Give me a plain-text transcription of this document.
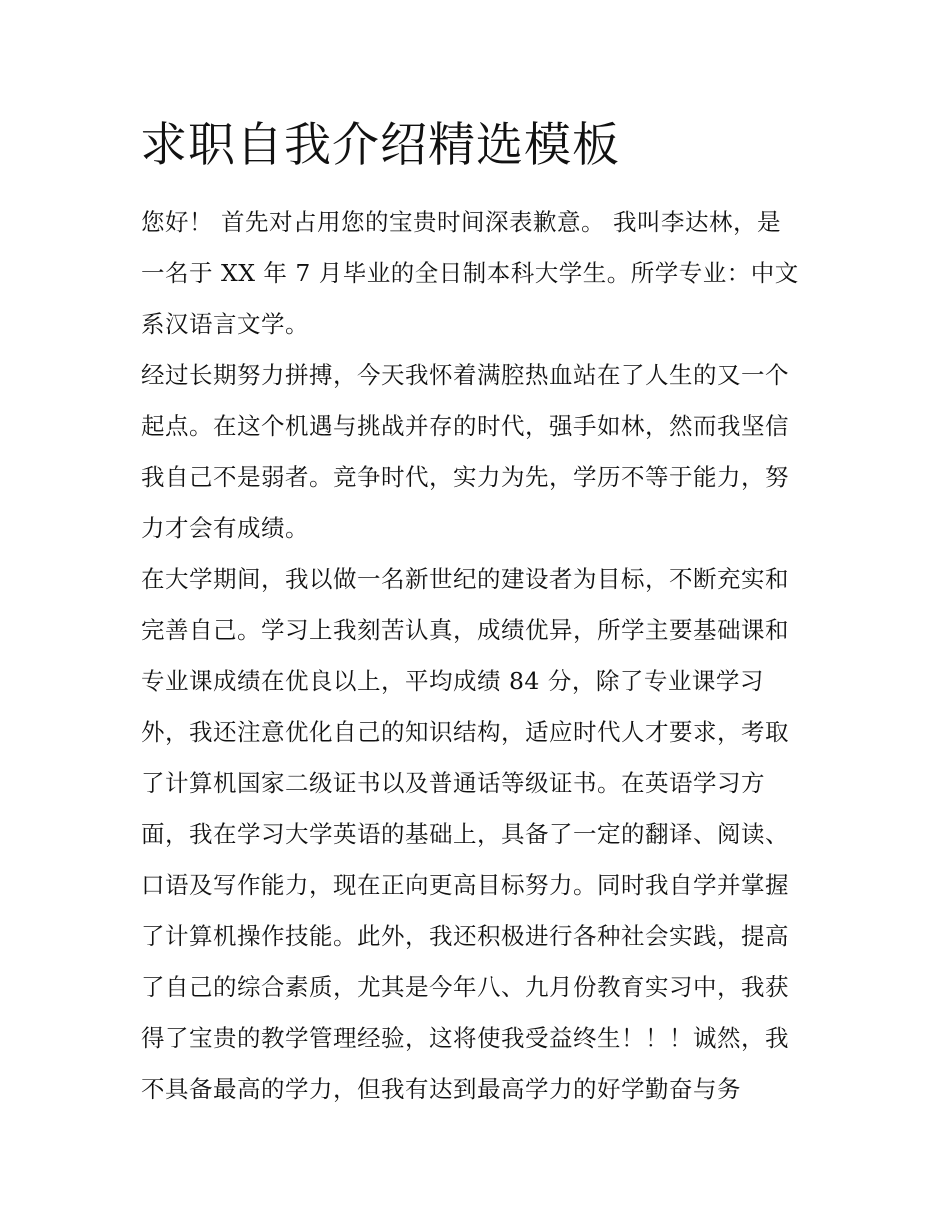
求职自我介绍精选模板

您好！ 首先对占用您的宝贵时间深表歉意。 我叫李达林，是

一名于 XX 年 7 月毕业的全日制本科大学生。所学专业：中文

系汉语言文学。

经过长期努力拼搏，今天我怀着满腔热血站在了人生的又一个

起点。在这个机遇与挑战并存的时代，强手如林，然而我坚信

我自己不是弱者。竞争时代，实力为先，学历不等于能力，努

力才会有成绩。

在大学期间，我以做一名新世纪的建设者为目标，不断充实和

完善自己。学习上我刻苦认真，成绩优异，所学主要基础课和

专业课成绩在优良以上，平均成绩 84 分，除了专业课学习

外，我还注意优化自己的知识结构，适应时代人才要求，考取

了计算机国家二级证书以及普通话等级证书。在英语学习方

面，我在学习大学英语的基础上，具备了一定的翻译、阅读、

口语及写作能力，现在正向更高目标努力。同时我自学并掌握

了计算机操作技能。此外，我还积极进行各种社会实践，提高

了自己的综合素质，尤其是今年八、九月份教育实习中，我获

得了宝贵的教学管理经验，这将使我受益终生！！！诚然，我

不具备最高的学力，但我有达到最高学力的好学勤奋与务
